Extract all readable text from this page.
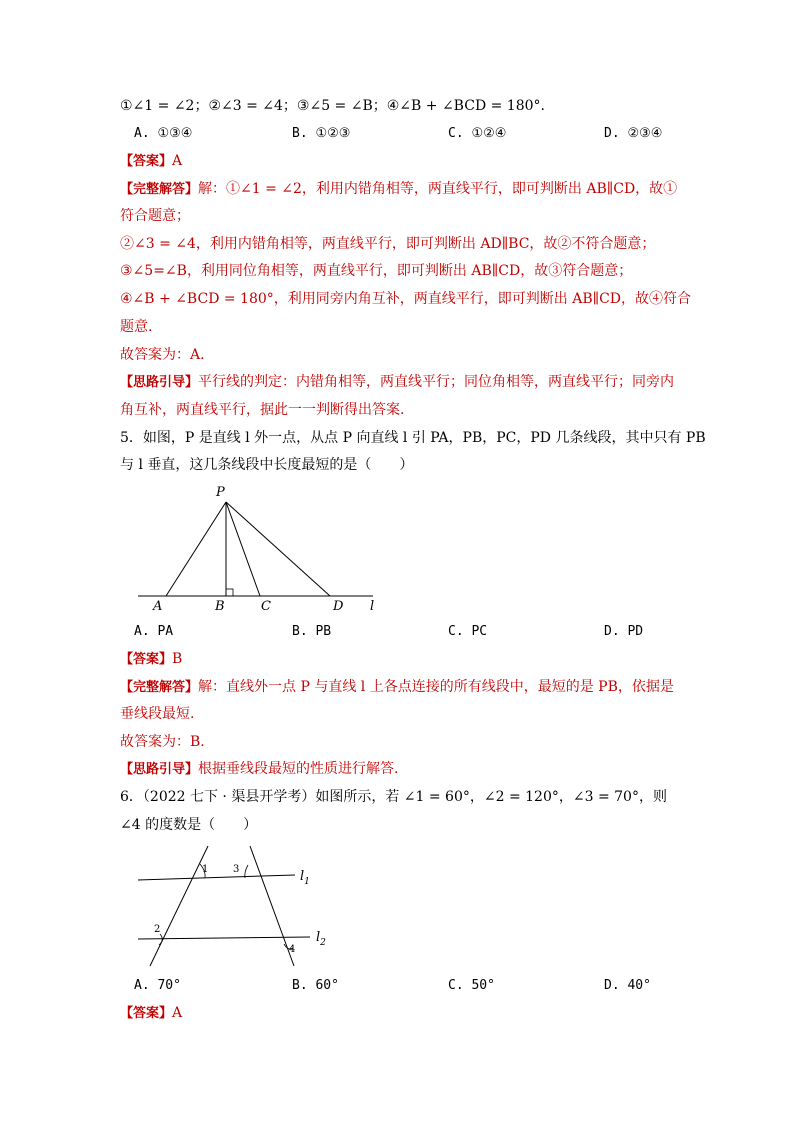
①∠1 = ∠2；②∠3 = ∠4；③∠5 = ∠B；④∠B + ∠BCD = 180°.
A. ①③④	B. ①②③	C. ①②④	D. ②③④
【答案】A
【完整解答】解：①∠1 = ∠2，利用内错角相等，两直线平行，即可判断出 AB∥CD，故①
符合题意；
②∠3 = ∠4，利用内错角相等，两直线平行，即可判断出 AD∥BC，故②不符合题意；
③∠5=∠B，利用同位角相等，两直线平行，即可判断出 AB∥CD，故③符合题意；
④∠B + ∠BCD = 180°，利用同旁内角互补，两直线平行，即可判断出 AB∥CD，故④符合
题意.
故答案为：A.
【思路引导】平行线的判定：内错角相等，两直线平行；同位角相等，两直线平行；同旁内
角互补，两直线平行，据此一一判断得出答案.
5．如图，P 是直线 l 外一点，从点 P 向直线 l 引 PA，PB，PC，PD 几条线段，其中只有 PB
与 l 垂直，这几条线段中长度最短的是（　　）
P
A	B	C	D l
A. PA	B. PB	C. PC	D. PD
【答案】B
【完整解答】解：直线外一点 P 与直线 l 上各点连接的所有线段中，最短的是 PB，依据是
垂线段最短.
故答案为：B.
【思路引导】根据垂线段最短的性质进行解答.
6．（2022 七下 · 渠县开学考）如图所示，若 ∠1 = 60°，∠2 = 120°，∠3 = 70°，则
∠4 的度数是（　　）
1 3
2
4
$l_1$
$l_2$
A. 70°	B. 60°	C. 50°	D. 40°
【答案】A
